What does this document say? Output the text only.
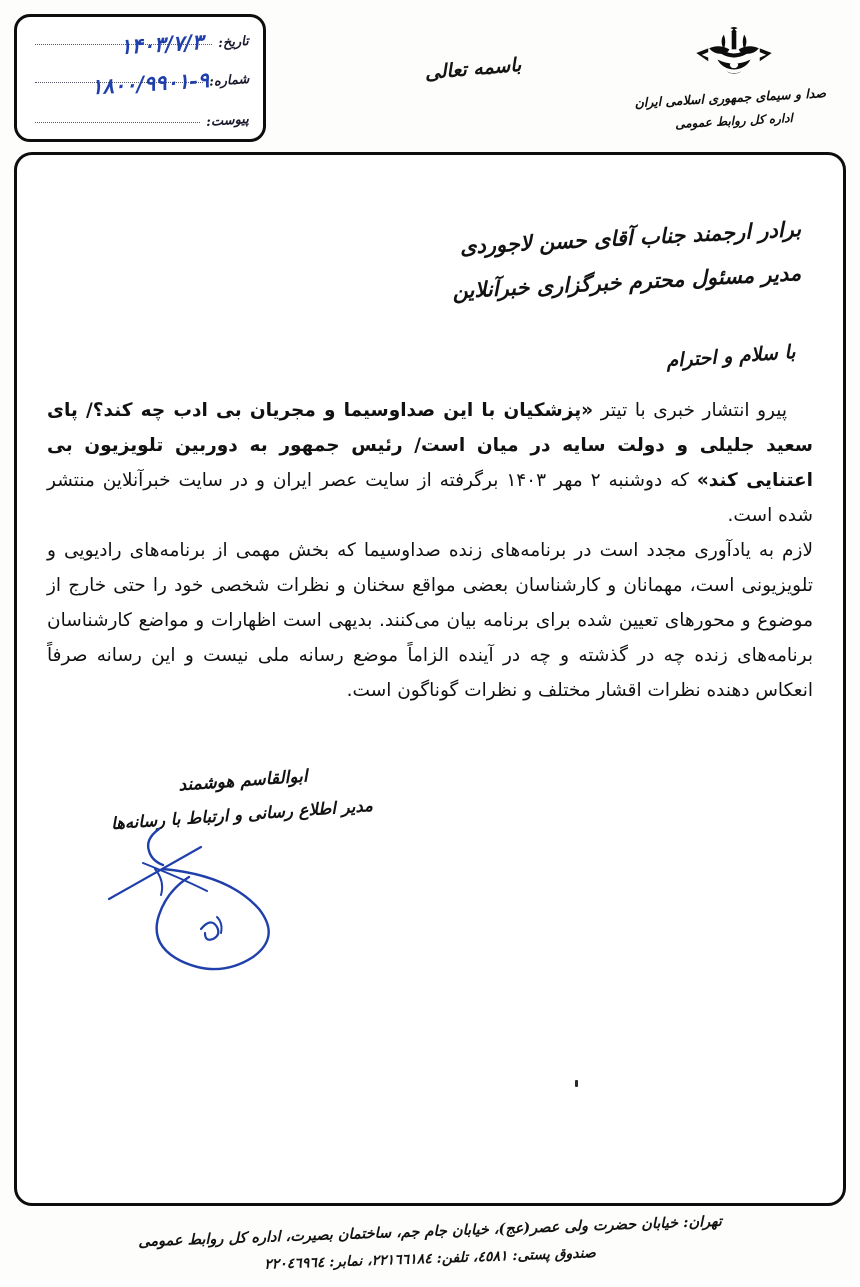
تاریخ:
۱۴۰۳/۷/۳
شماره:
۱۸۰۰/۹۹۰۱-۹
پیوست:
باسمه تعالی
صدا و سیمای جمهوری اسلامی ایران
اداره کل روابط عمومی
برادر ارجمند جناب آقای حسن لاجوردی
مدیر مسئول محترم خبرگزاری خبرآنلاین
با سلام و احترام

پیرو انتشار خبری با تیتر «پزشکیان با این صداوسیما و مجریان بی ادب چه کند؟/ پای سعید جلیلی و دولت سایه در میان است/ رئیس جمهور به دوربین تلویزیون بی اعتنایی کند» که دوشنبه ۲ مهر ۱۴۰۳ برگرفته از سایت عصر ایران و در سایت خبرآنلاین منتشر شده است.

لازم به یادآوری مجدد است در برنامه‌های زنده صداوسیما که بخش مهمی از برنامه‌های رادیویی و تلویزیونی است، مهمانان و کارشناسان بعضی مواقع سخنان و نظرات شخصی خود را حتی خارج از موضوع و محورهای تعیین شده برای برنامه بیان می‌کنند. بدیهی است اظهارات و مواضع کارشناسان برنامه‌های زنده چه در گذشته و چه در آینده الزاماً موضع رسانه ملی نیست و این رسانه صرفاً انعکاس دهنده نظرات اقشار مختلف و نظرات گوناگون است.

ابوالقاسم هوشمند
مدیر اطلاع رسانی و ارتباط با رسانه‌ها
تهران: خیابان حضرت ولی عصر(عج)، خیابان جام جم، ساختمان بصیرت، اداره کل روابط عمومی
صندوق پستی: ٤٥٨١، تلفن: ٢٢١٦٦١٨٤، نمابر: ٢٢٠٤٦٩٦٤
